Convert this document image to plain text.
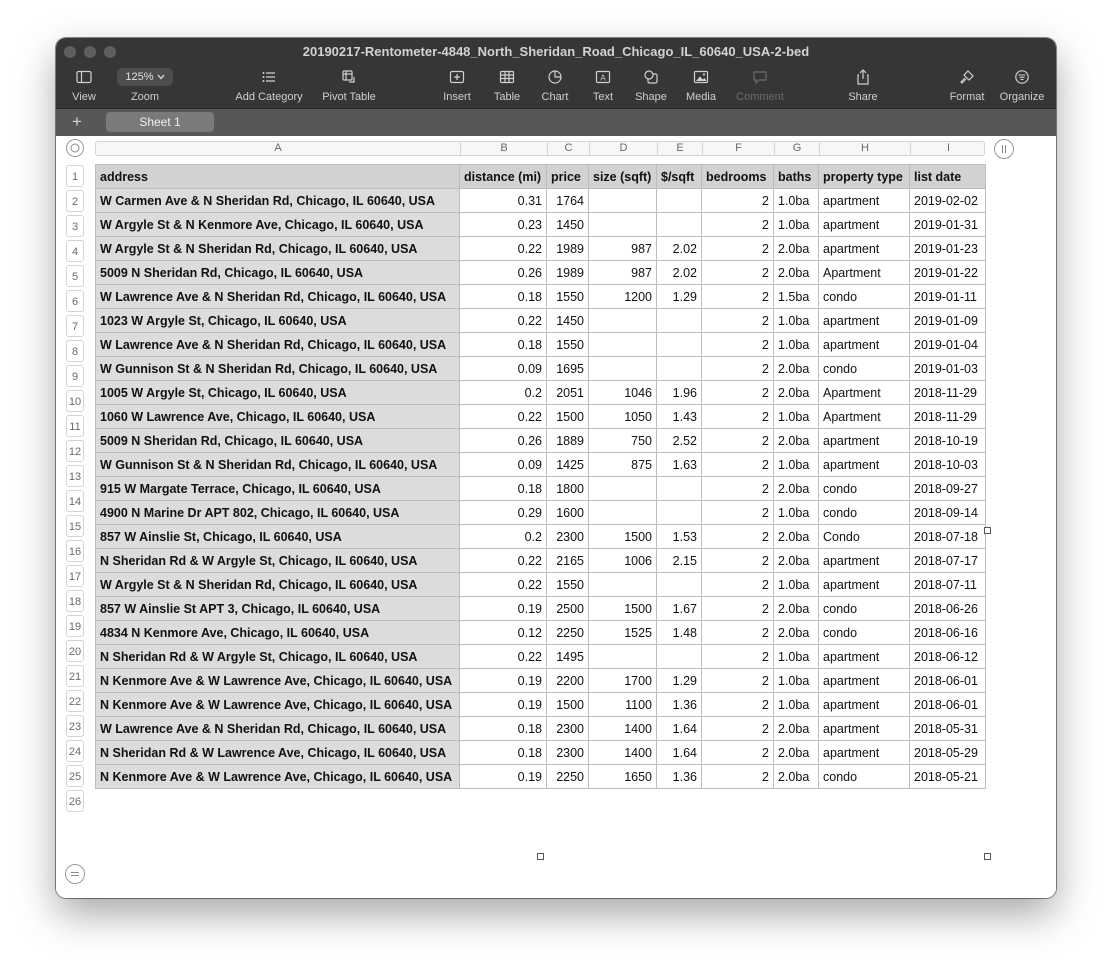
20190217-Rentometer-4848_North_Sheridan_Road_Chicago_IL_60640_USA-2-bed
View
125%
Zoom	Add Category	Pivot Table	Insert	Table	Chart
A
Text	Shape	Media	Comment	Share	Format	Organize
+	Sheet 1
A	B	C	D	E	F	G	H	I
1
2
3
4
5
6
7
8
9
10
11
12
13
14
15
16
17
18
19
20
21
22
23
24
25
26
address	distance (mi)	price	size (sqft)	$/sqft	bedrooms	baths	property type	list date
W Carmen Ave & N Sheridan Rd, Chicago, IL 60640, USA	0.31	1764			2	1.0ba	apartment	2019-02-02
W Argyle St & N Kenmore Ave, Chicago, IL 60640, USA	0.23	1450			2	1.0ba	apartment	2019-01-31
W Argyle St & N Sheridan Rd, Chicago, IL 60640, USA	0.22	1989	987	2.02	2	2.0ba	apartment	2019-01-23
5009 N Sheridan Rd, Chicago, IL 60640, USA	0.26	1989	987	2.02	2	2.0ba	Apartment	2019-01-22
W Lawrence Ave & N Sheridan Rd, Chicago, IL 60640, USA	0.18	1550	1200	1.29	2	1.5ba	condo	2019-01-11
1023 W Argyle St, Chicago, IL 60640, USA	0.22	1450			2	1.0ba	apartment	2019-01-09
W Lawrence Ave & N Sheridan Rd, Chicago, IL 60640, USA	0.18	1550			2	1.0ba	apartment	2019-01-04
W Gunnison St & N Sheridan Rd, Chicago, IL 60640, USA	0.09	1695			2	2.0ba	condo	2019-01-03
1005 W Argyle St, Chicago, IL 60640, USA	0.2	2051	1046	1.96	2	2.0ba	Apartment	2018-11-29
1060 W Lawrence Ave, Chicago, IL 60640, USA	0.22	1500	1050	1.43	2	1.0ba	Apartment	2018-11-29
5009 N Sheridan Rd, Chicago, IL 60640, USA	0.26	1889	750	2.52	2	2.0ba	apartment	2018-10-19
W Gunnison St & N Sheridan Rd, Chicago, IL 60640, USA	0.09	1425	875	1.63	2	1.0ba	apartment	2018-10-03
915 W Margate Terrace, Chicago, IL 60640, USA	0.18	1800			2	2.0ba	condo	2018-09-27
4900 N Marine Dr APT 802, Chicago, IL 60640, USA	0.29	1600			2	1.0ba	condo	2018-09-14
857 W Ainslie St, Chicago, IL 60640, USA	0.2	2300	1500	1.53	2	2.0ba	Condo	2018-07-18
N Sheridan Rd & W Argyle St, Chicago, IL 60640, USA	0.22	2165	1006	2.15	2	2.0ba	apartment	2018-07-17
W Argyle St & N Sheridan Rd, Chicago, IL 60640, USA	0.22	1550			2	1.0ba	apartment	2018-07-11
857 W Ainslie St APT 3, Chicago, IL 60640, USA	0.19	2500	1500	1.67	2	2.0ba	condo	2018-06-26
4834 N Kenmore Ave, Chicago, IL 60640, USA	0.12	2250	1525	1.48	2	2.0ba	condo	2018-06-16
N Sheridan Rd & W Argyle St, Chicago, IL 60640, USA	0.22	1495			2	1.0ba	apartment	2018-06-12
N Kenmore Ave & W Lawrence Ave, Chicago, IL 60640, USA	0.19	2200	1700	1.29	2	1.0ba	apartment	2018-06-01
N Kenmore Ave & W Lawrence Ave, Chicago, IL 60640, USA	0.19	1500	1100	1.36	2	1.0ba	apartment	2018-06-01
W Lawrence Ave & N Sheridan Rd, Chicago, IL 60640, USA	0.18	2300	1400	1.64	2	2.0ba	apartment	2018-05-31
N Sheridan Rd & W Lawrence Ave, Chicago, IL 60640, USA	0.18	2300	1400	1.64	2	2.0ba	apartment	2018-05-29
N Kenmore Ave & W Lawrence Ave, Chicago, IL 60640, USA	0.19	2250	1650	1.36	2	2.0ba	condo	2018-05-21
